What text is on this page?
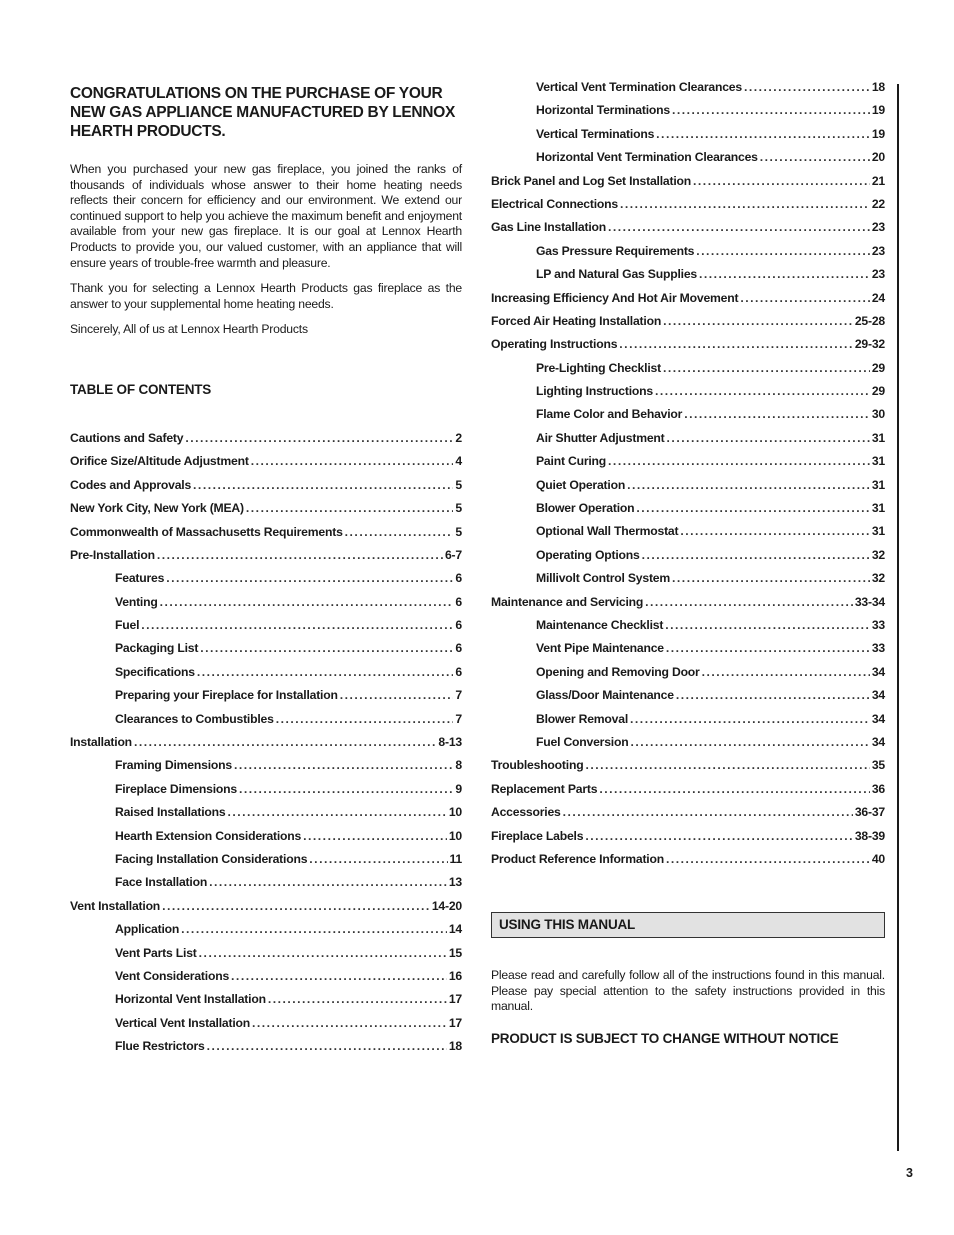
CONGRATULATIONS ON THE PURCHASE OF YOUR NEW GAS APPLIANCE MANUFACTURED BY LENNOX HEARTH PRODUCTS.

When you purchased your new gas fireplace, you joined the ranks of thousands of individuals whose answer to their home heating needs reflects their concern for efficiency and our environment. We extend our continued support to help you achieve the maximum benefit and enjoyment available from your new gas fireplace. It is our goal at Lennox Hearth Products to provide you, our valued customer, with an appliance that will ensure years of trouble-free warmth and pleasure.

Thank you for selecting a Lennox Hearth Products gas fireplace as the answer to your supplemental home heating needs.

Sincerely, All of us at Lennox Hearth Products

TABLE OF CONTENTS
Cautions and Safety .....	2
Orifice Size/Altitude Adjustment .....	4
Codes and Approvals .....	5
New York City, New York (MEA) .....	5
Commonwealth of Massachusetts Requirements .....	5
Pre-Installation .....	6-7
Features .....	6
Venting .....	6
Fuel .....	6
Packaging List .....	6
Specifications .....	6
Preparing your Fireplace for Installation .....	7
Clearances to Combustibles .....	7
Installation .....	8-13
Framing Dimensions .....	8
Fireplace Dimensions .....	9
Raised Installations .....	10
Hearth Extension Considerations .....	10
Facing Installation Considerations .....	11
Face Installation .....	13
Vent Installation .....	14-20
Application .....	14
Vent Parts List .....	15
Vent Considerations .....	16
Horizontal Vent Installation .....	17
Vertical Vent Installation .....	17
Flue Restrictors .....	18
Vertical Vent Termination Clearances .....	18
Horizontal Terminations .....	19
Vertical Terminations .....	19
Horizontal Vent Termination Clearances .....	20
Brick Panel and Log Set Installation .....	21
Electrical Connections .....	22
Gas Line Installation .....	23
Gas Pressure Requirements .....	23
LP and Natural Gas Supplies .....	23
Increasing Efficiency And Hot Air Movement .....	24
Forced Air Heating Installation .....	25-28
Operating Instructions .....	29-32
Pre-Lighting Checklist .....	29
Lighting Instructions .....	29
Flame Color and Behavior .....	30
Air Shutter Adjustment .....	31
Paint Curing .....	31
Quiet Operation .....	31
Blower Operation .....	31
Optional Wall Thermostat .....	31
Operating Options .....	32
Millivolt Control System .....	32
Maintenance and Servicing .....	33-34
Maintenance Checklist .....	33
Vent Pipe Maintenance .....	33
Opening and Removing Door .....	34
Glass/Door Maintenance .....	34
Blower Removal .....	34
Fuel Conversion .....	34
Troubleshooting .....	35
Replacement Parts .....	36
Accessories .....	36-37
Fireplace Labels .....	38-39
Product Reference Information .....	40
USING THIS MANUAL

Please read and carefully follow all of the instructions found in this manual. Please pay special attention to the safety instructions provided in this manual.

PRODUCT IS SUBJECT TO CHANGE WITHOUT NOTICE
3
